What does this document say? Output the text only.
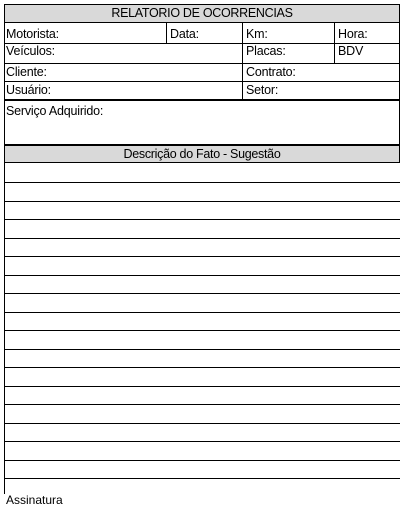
RELATORIO DE OCORRENCIAS
Motorista:	Data:	Km:	Hora:
Veículos:	Placas:	BDV
Cliente:	Contrato:
Usuário:	Setor:
Serviço Adquirido:
Descrição do Fato - Sugestão
Assinatura
